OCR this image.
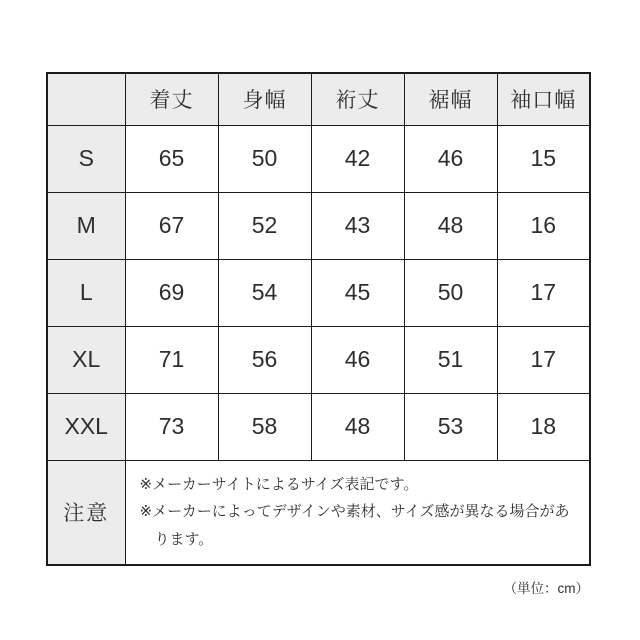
	着丈	身幅	裄丈	裾幅	袖口幅
S	65	50	42	46	15
M	67	52	43	48	16
L	69	54	45	50	17
XL	71	56	46	51	17
XXL	73	58	48	53	18
注意	※メーカーサイトによるサイズ表記です。
※メーカーによってデザインや素材、サイズ感が異なる場合があります。				
（単位：cm）
